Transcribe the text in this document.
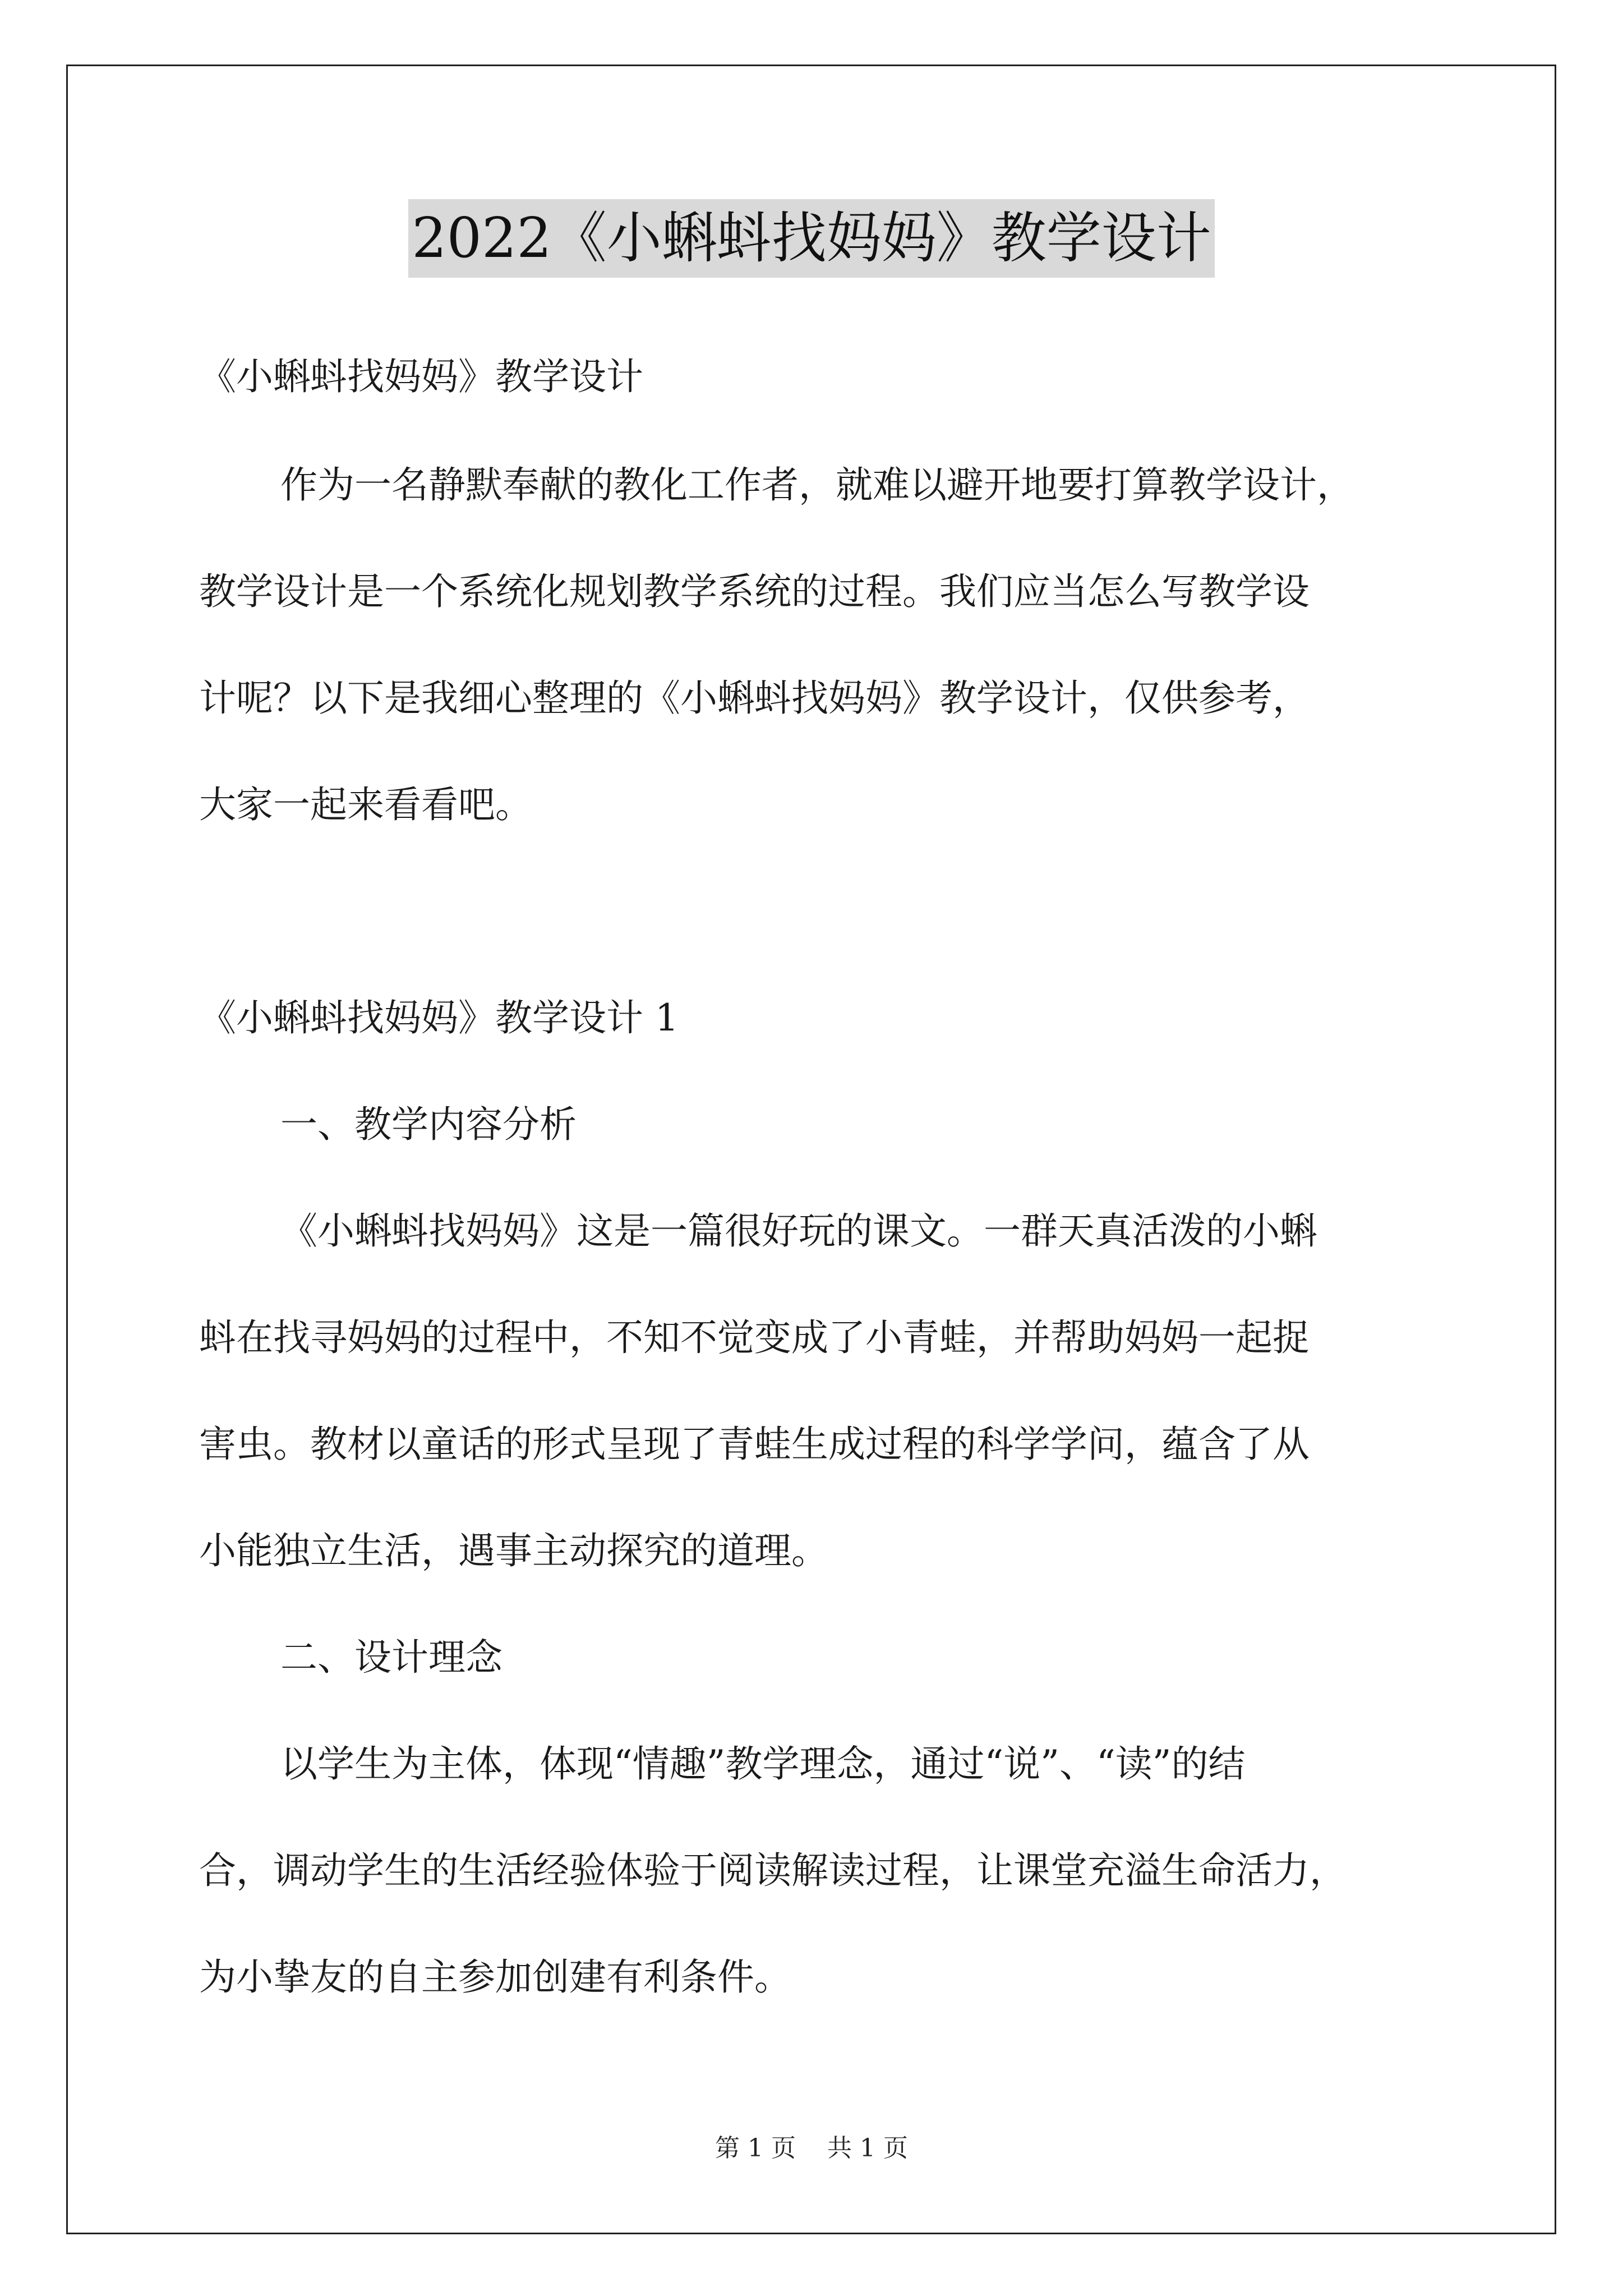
2022《小蝌蚪找妈妈》教学设计
《小蝌蚪找妈妈》教学设计
作为一名静默奉献的教化工作者，就难以避开地要打算教学设计，
教学设计是一个系统化规划教学系统的过程。我们应当怎么写教学设
计呢？以下是我细心整理的《小蝌蚪找妈妈》教学设计，仅供参考，
大家一起来看看吧。
《小蝌蚪找妈妈》教学设计 1
一、教学内容分析
《小蝌蚪找妈妈》这是一篇很好玩的课文。一群天真活泼的小蝌
蚪在找寻妈妈的过程中，不知不觉变成了小青蛙，并帮助妈妈一起捉
害虫。教材以童话的形式呈现了青蛙生成过程的科学学问，蕴含了从
小能独立生活，遇事主动探究的道理。
二、设计理念
以学生为主体，体现“情趣”教学理念，通过“说”、“读”的结
合，调动学生的生活经验体验于阅读解读过程，让课堂充溢生命活力，
为小挚友的自主参加创建有利条件。
第 1 页 共 1 页
